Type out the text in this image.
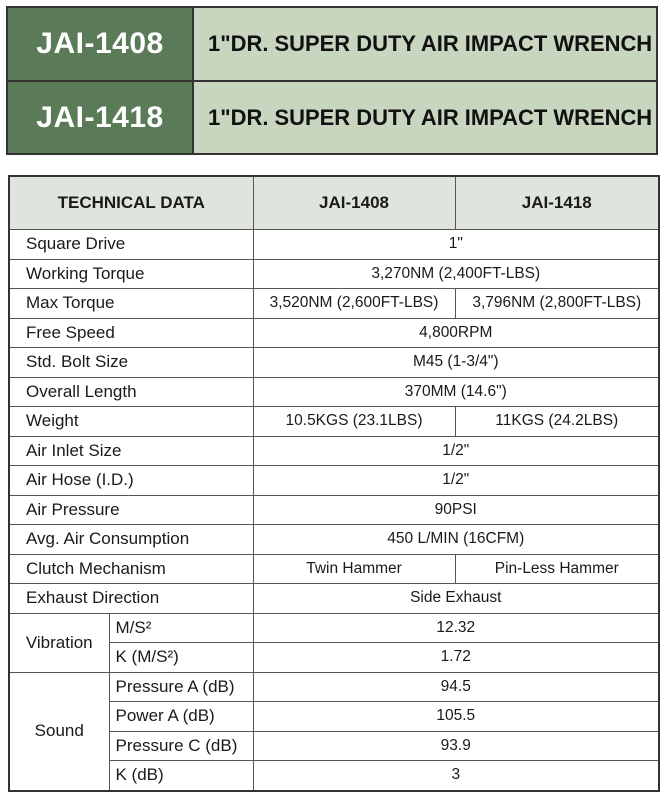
JAI-1408	1"DR. SUPER DUTY AIR IMPACT WRENCH
JAI-1418	1"DR. SUPER DUTY AIR IMPACT WRENCH
TECHNICAL DATA		JAI-1408	JAI-1418
Square Drive		1"	
Working Torque		3,270NM (2,400FT-LBS)	
Max Torque		3,520NM (2,600FT-LBS)	3,796NM (2,800FT-LBS)
Free Speed		4,800RPM	
Std. Bolt Size		M45 (1-3/4")	
Overall Length		370MM (14.6")	
Weight		10.5KGS (23.1LBS)	11KGS (24.2LBS)
Air Inlet Size		1/2"	
Air Hose (I.D.)		1/2"	
Air Pressure		90PSI	
Avg. Air Consumption		450 L/MIN (16CFM)	
Clutch Mechanism		Twin Hammer	Pin-Less Hammer
Exhaust Direction		Side Exhaust	
Vibration	M/S²	12.32	
	K (M/S²)	1.72	
Sound	Pressure A (dB)	94.5	
	Power A (dB)	105.5	
	Pressure C (dB)	93.9	
	K (dB)	3	
